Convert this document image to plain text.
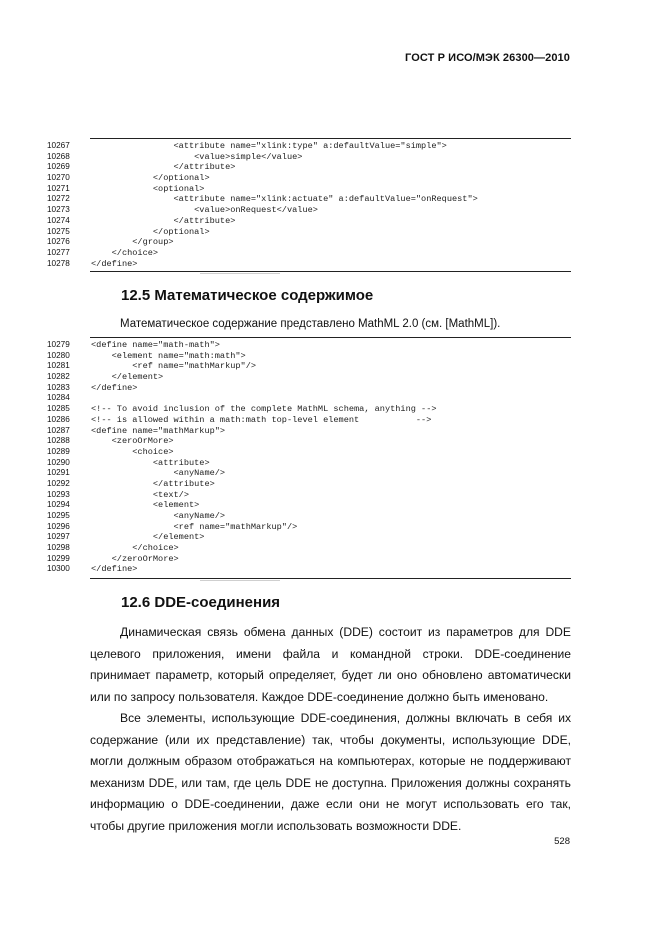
ГОСТ Р ИСО/МЭК 26300—2010
10267	<attribute name="xlink:type" a:defaultValue="simple">
10268	<value>simple</value>
10269	</attribute>
10270	</optional>
10271	<optional>
10272	<attribute name="xlink:actuate" a:defaultValue="onRequest">
10273	<value>onRequest</value>
10274	</attribute>
10275	</optional>
10276	</group>
10277	</choice>
10278	</define>
12.5 Математическое содержимое
Математическое содержание представлено MathML 2.0 (см. [MathML]).
10279	<define name="math-math">
10280	<element name="math:math">
10281	<ref name="mathMarkup"/>
10282	</element>
10283	</define>
10284
10285	<!-- To avoid inclusion of the complete MathML schema, anything -->
10286	<!-- is allowed within a math:math top-level element           -->
10287	<define name="mathMarkup">
10288	<zeroOrMore>
10289	<choice>
10290	<attribute>
10291	<anyName/>
10292	</attribute>
10293	<text/>
10294	<element>
10295	<anyName/>
10296	<ref name="mathMarkup"/>
10297	</element>
10298	</choice>
10299	</zeroOrMore>
10300	</define>
12.6 DDE-соединения

Динамическая связь обмена данных (DDE) состоит из параметров для DDE целевого приложения, имени файла и командной строки. DDE-соединение принимает параметр, который определяет, будет ли оно обновлено автоматически или по запросу пользователя. Каждое DDE-соединение должно быть именовано.

Все элементы, использующие DDE-соединения, должны включать в себя их содержание (или их представление) так, чтобы документы, использующие DDE, могли должным образом отображаться на компьютерах, которые не поддерживают механизм DDE, или там, где цель DDE не доступна. Приложения должны сохранять информацию о DDE-соединении, даже если они не могут использовать его так, чтобы другие приложения могли использовать возможности DDE.

528
